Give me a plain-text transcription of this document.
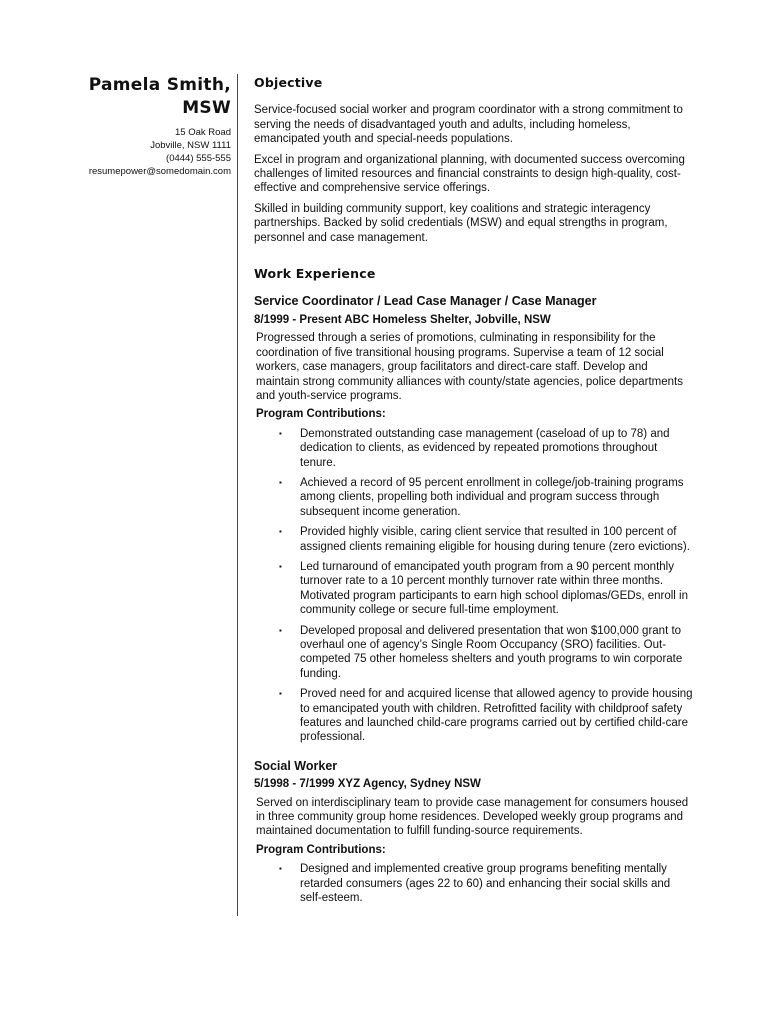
Pamela Smith,
MSW

15 Oak Road
Jobville, NSW 1111
(0444) 555-555
resumepower@somedomain.com
Objective

Service-focused social worker and program coordinator with a strong commitment to serving the needs of disadvantaged youth and adults, including homeless, emancipated youth and special-needs populations.

Excel in program and organizational planning, with documented success overcoming challenges of limited resources and financial constraints to design high-quality, cost-effective and comprehensive service offerings.

Skilled in building community support, key coalitions and strategic interagency partnerships. Backed by solid credentials (MSW) and equal strengths in program, personnel and case management.

Work Experience
Service Coordinator / Lead Case Manager / Case Manager
8/1999 - Present ABC Homeless Shelter, Jobville, NSW

Progressed through a series of promotions, culminating in responsibility for the coordination of five transitional housing programs. Supervise a team of 12 social workers, case managers, group facilitators and direct-care staff. Develop and maintain strong community alliances with county/state agencies, police departments and youth-service programs.

Program Contributions:
▪ Demonstrated outstanding case management (caseload of up to 78) and dedication to clients, as evidenced by repeated promotions throughout tenure.
▪ Achieved a record of 95 percent enrollment in college/job-training programs among clients, propelling both individual and program success through subsequent income generation.
▪ Provided highly visible, caring client service that resulted in 100 percent of assigned clients remaining eligible for housing during tenure (zero evictions).
▪ Led turnaround of emancipated youth program from a 90 percent monthly turnover rate to a 10 percent monthly turnover rate within three months. Motivated program participants to earn high school diplomas/GEDs, enroll in community college or secure full-time employment.
▪ Developed proposal and delivered presentation that won $100,000 grant to overhaul one of agency’s Single Room Occupancy (SRO) facilities. Out-competed 75 other homeless shelters and youth programs to win corporate funding.
▪ Proved need for and acquired license that allowed agency to provide housing to emancipated youth with children. Retrofitted facility with childproof safety features and launched child-care programs carried out by certified child-care professional.
Social Worker
5/1998 - 7/1999 XYZ Agency, Sydney NSW

Served on interdisciplinary team to provide case management for consumers housed in three community group home residences. Developed weekly group programs and maintained documentation to fulfill funding-source requirements.

Program Contributions:
▪ Designed and implemented creative group programs benefiting mentally retarded consumers (ages 22 to 60) and enhancing their social skills and self-esteem.
